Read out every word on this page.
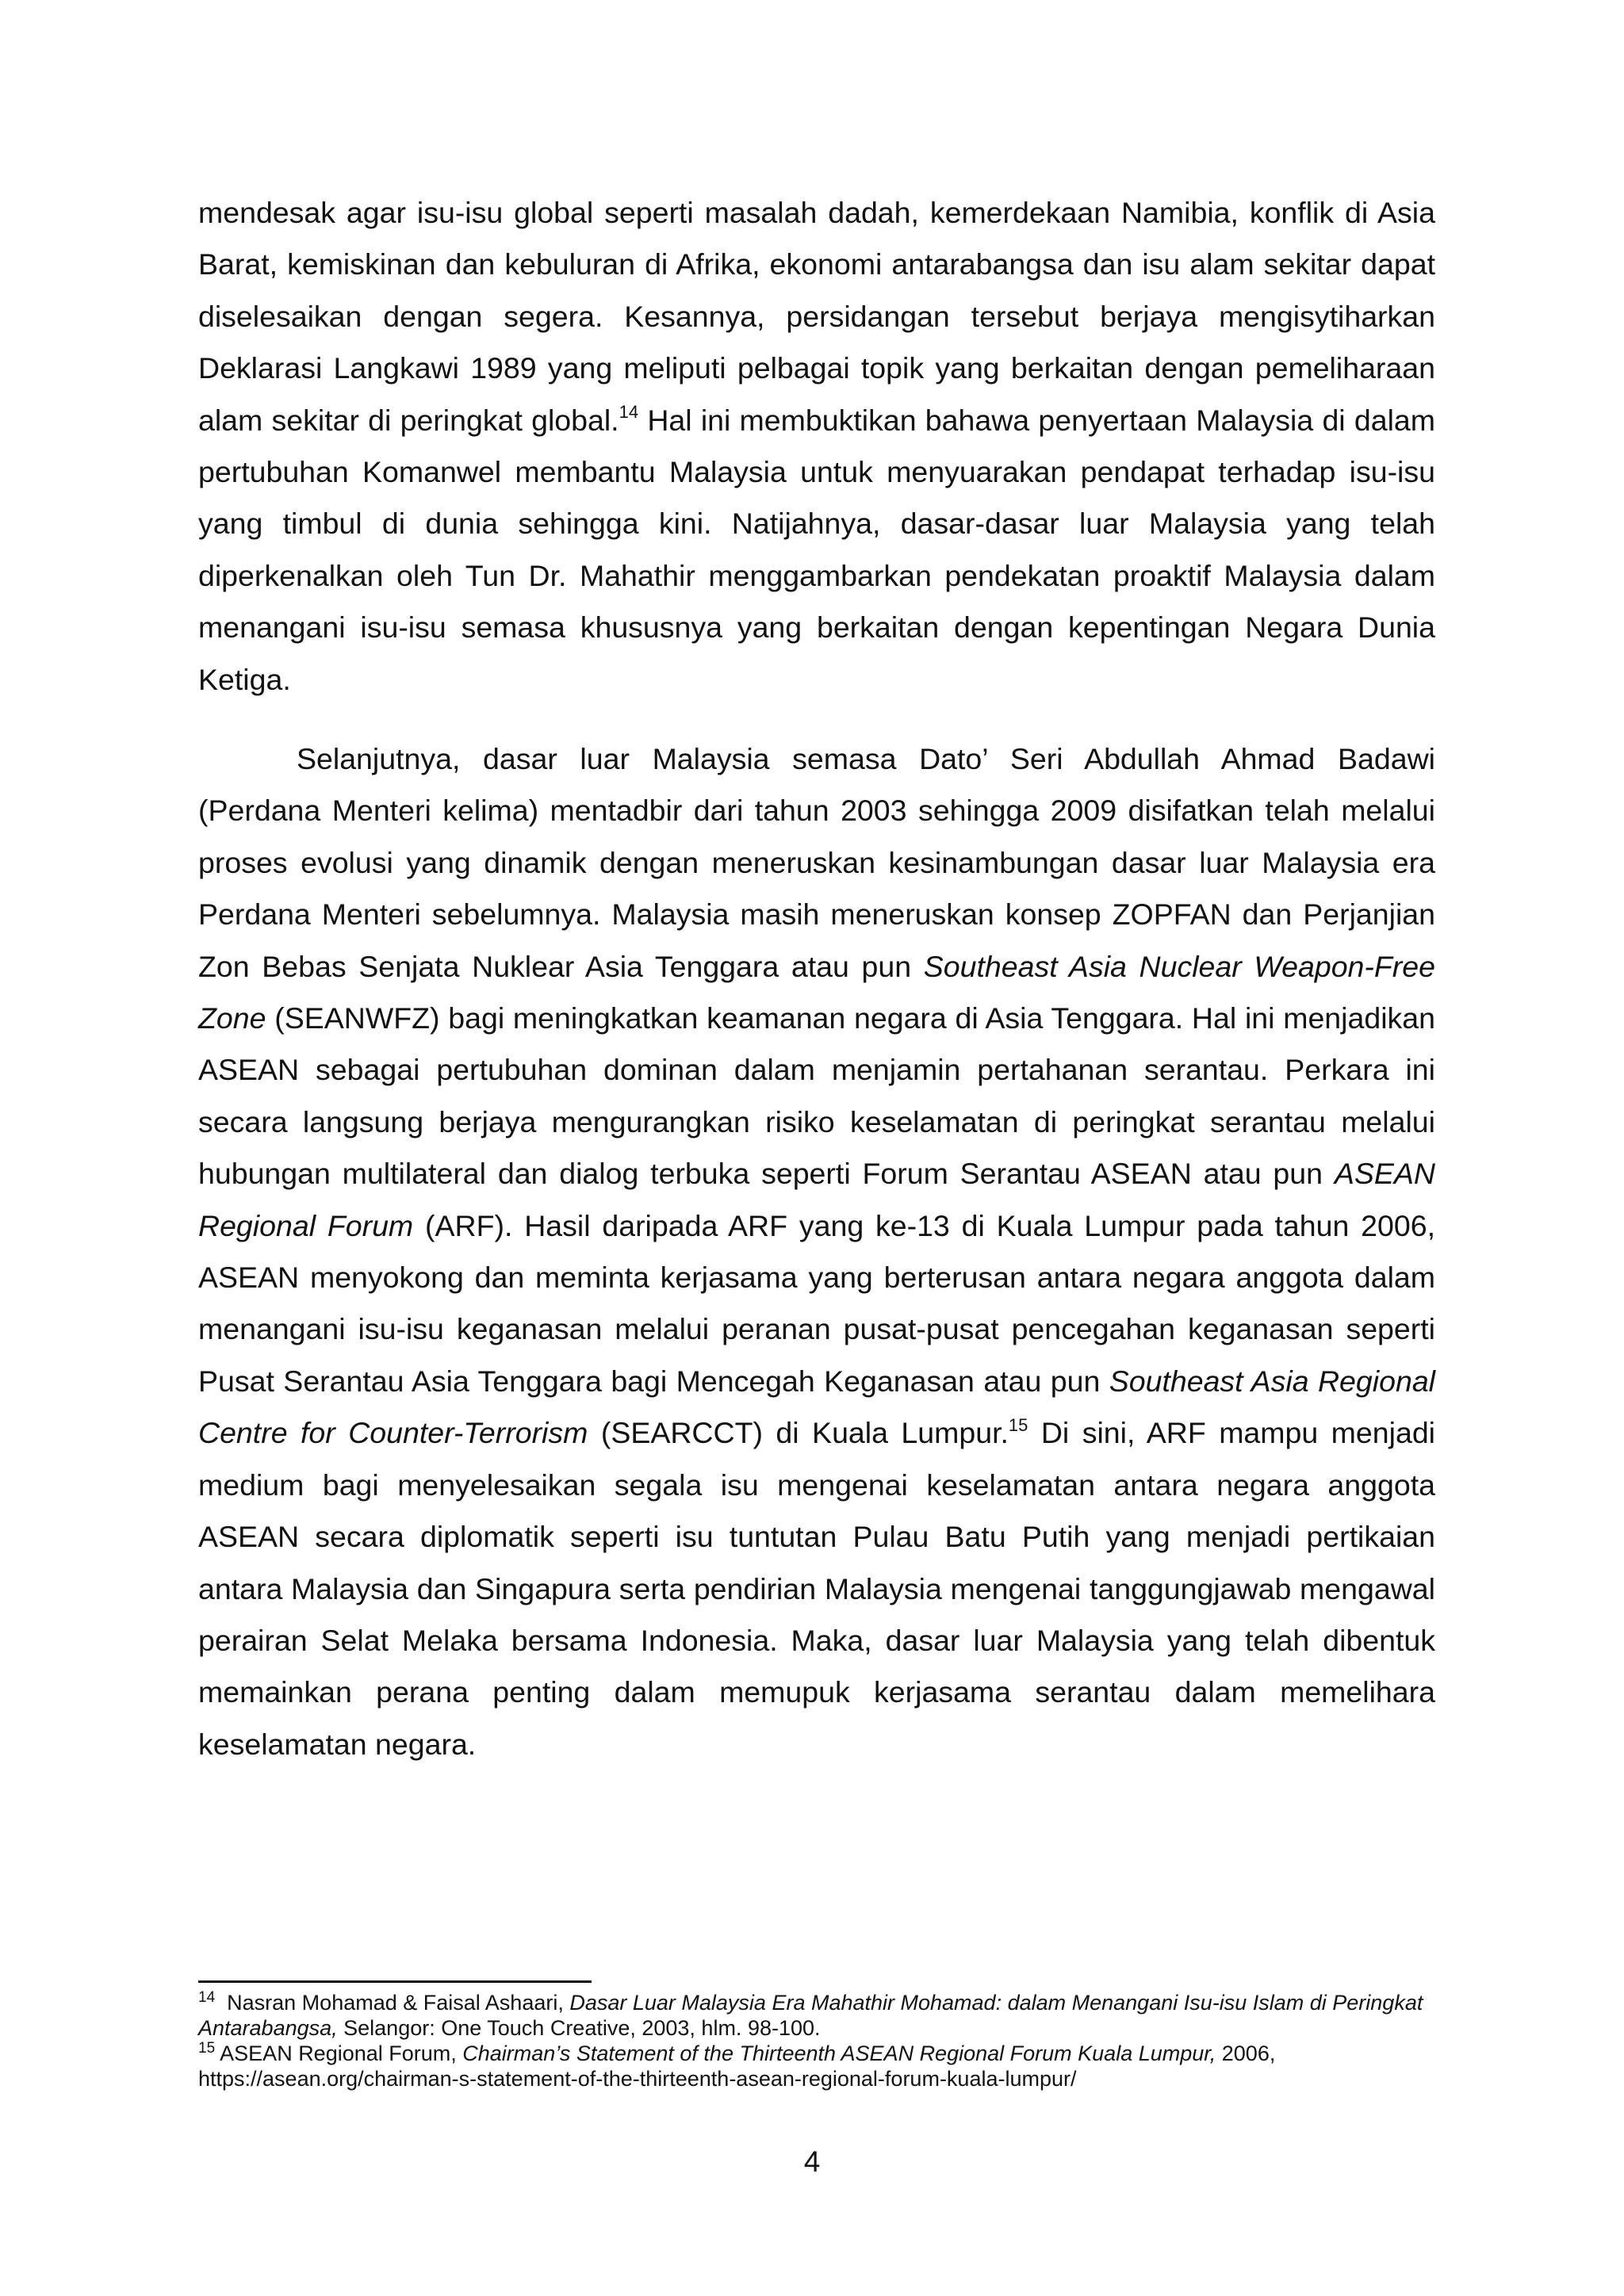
mendesak agar isu-isu global seperti masalah dadah, kemerdekaan Namibia, konflik di Asia Barat, kemiskinan dan kebuluran di Afrika, ekonomi antarabangsa dan isu alam sekitar dapat diselesaikan dengan segera. Kesannya, persidangan tersebut berjaya mengisytiharkan Deklarasi Langkawi 1989 yang meliputi pelbagai topik yang berkaitan dengan pemeliharaan alam sekitar di peringkat global.$^{14}$ Hal ini membuktikan bahawa penyertaan Malaysia di dalam pertubuhan Komanwel membantu Malaysia untuk menyuarakan pendapat terhadap isu-isu yang timbul di dunia sehingga kini. Natijahnya, dasar-dasar luar Malaysia yang telah diperkenalkan oleh Tun Dr. Mahathir menggambarkan pendekatan proaktif Malaysia dalam menangani isu-isu semasa khususnya yang berkaitan dengan kepentingan Negara Dunia Ketiga.

Selanjutnya, dasar luar Malaysia semasa Dato’ Seri Abdullah Ahmad Badawi (Perdana Menteri kelima) mentadbir dari tahun 2003 sehingga 2009 disifatkan telah melalui proses evolusi yang dinamik dengan meneruskan kesinambungan dasar luar Malaysia era Perdana Menteri sebelumnya. Malaysia masih meneruskan konsep ZOPFAN dan Perjanjian Zon Bebas Senjata Nuklear Asia Tenggara atau pun Southeast Asia Nuclear Weapon-Free Zone (SEANWFZ) bagi meningkatkan keamanan negara di Asia Tenggara. Hal ini menjadikan ASEAN sebagai pertubuhan dominan dalam menjamin pertahanan serantau. Perkara ini secara langsung berjaya mengurangkan risiko keselamatan di peringkat serantau melalui hubungan multilateral dan dialog terbuka seperti Forum Serantau ASEAN atau pun ASEAN Regional Forum (ARF). Hasil daripada ARF yang ke-13 di Kuala Lumpur pada tahun 2006, ASEAN menyokong dan meminta kerjasama yang berterusan antara negara anggota dalam menangani isu-isu keganasan melalui peranan pusat-pusat pencegahan keganasan seperti Pusat Serantau Asia Tenggara bagi Mencegah Keganasan atau pun Southeast Asia Regional Centre for Counter-Terrorism (SEARCCT) di Kuala Lumpur.$^{15}$ Di sini, ARF mampu menjadi medium bagi menyelesaikan segala isu mengenai keselamatan antara negara anggota ASEAN secara diplomatik seperti isu tuntutan Pulau Batu Putih yang menjadi pertikaian antara Malaysia dan Singapura serta pendirian Malaysia mengenai tanggungjawab mengawal perairan Selat Melaka bersama Indonesia. Maka, dasar luar Malaysia yang telah dibentuk memainkan perana penting dalam memupuk kerjasama serantau dalam memelihara keselamatan negara.

$^{14}$  Nasran Mohamad & Faisal Ashaari, Dasar Luar Malaysia Era Mahathir Mohamad: dalam Menangani Isu-isu Islam di Peringkat Antarabangsa, Selangor: One Touch Creative, 2003, hlm. 98-100.

$^{15}$ ASEAN Regional Forum, Chairman’s Statement of the Thirteenth ASEAN Regional Forum Kuala Lumpur, 2006, https://asean.org/chairman-s-statement-of-the-thirteenth-asean-regional-forum-kuala-lumpur/

4
